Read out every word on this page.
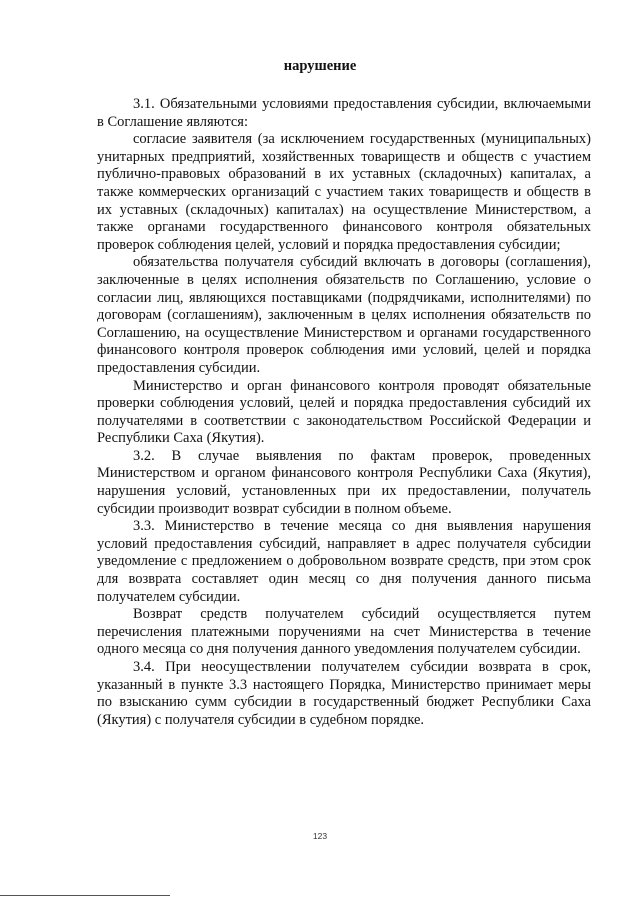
нарушение

3.1. Обязательными условиями предоставления субсидии, включаемыми в Соглашение являются:

согласие заявителя (за исключением государственных (муниципальных) унитарных предприятий, хозяйственных товариществ и обществ с участием публично-правовых образований в их уставных (складочных) капиталах, а также коммерческих организаций с участием таких товариществ и обществ в их уставных (складочных) капиталах) на осуществление Министерством, а также органами государственного финансового контроля обязательных проверок соблюдения целей, условий и порядка предоставления субсидии;

обязательства получателя субсидий включать в договоры (соглашения), заключенные в целях исполнения обязательств по Соглашению, условие о согласии лиц, являющихся поставщиками (подрядчиками, исполнителями) по договорам (соглашениям), заключенным в целях исполнения обязательств по Соглашению, на осуществление Министерством и органами государственного финансового контроля проверок соблюдения ими условий, целей и порядка предоставления субсидии.

Министерство и орган финансового контроля проводят обязательные проверки соблюдения условий, целей и порядка предоставления субсидий их получателями в соответствии с законодательством Российской Федерации и Республики Саха (Якутия).

3.2. В случае выявления по фактам проверок, проведенных Министерством и органом финансового контроля Республики Саха (Якутия), нарушения условий, установленных при их предоставлении, получатель субсидии производит возврат субсидии в полном объеме.

3.3. Министерство в течение месяца со дня выявления нарушения условий предоставления субсидий, направляет в адрес получателя субсидии уведомление с предложением о добровольном возврате средств, при этом срок для возврата составляет один месяц со дня получения данного письма получателем субсидии.

Возврат средств получателем субсидий осуществляется путем перечисления платежными поручениями на счет Министерства в течение одного месяца со дня получения данного уведомления получателем субсидии.

3.4. При неосуществлении получателем субсидии возврата в срок, указанный в пункте 3.3 настоящего Порядка, Министерство принимает меры по взысканию сумм субсидии в государственный бюджет Республики Саха (Якутия) с получателя субсидии в судебном порядке.

123
